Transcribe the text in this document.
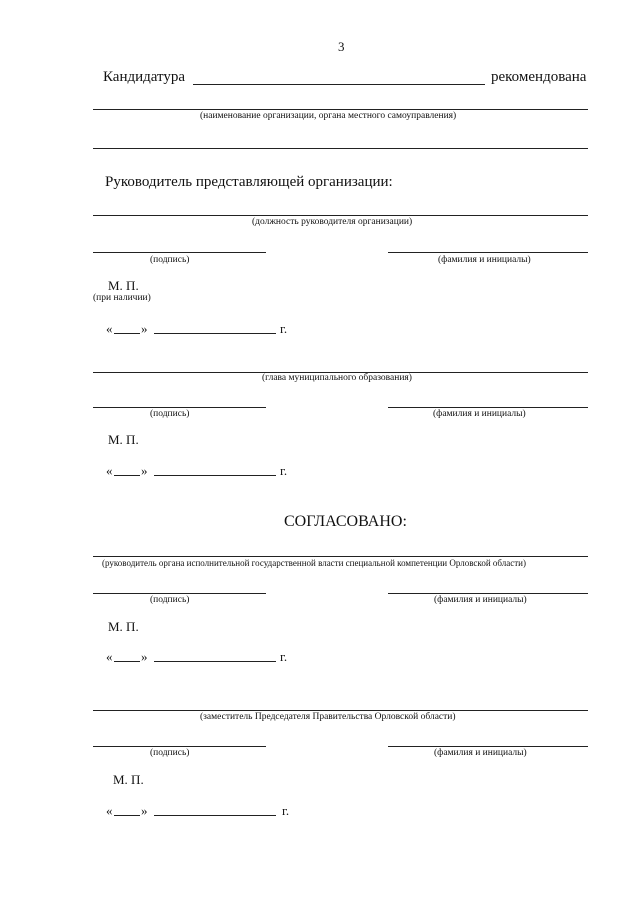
3
Кандидатура	рекомендована
(наименование организации, органа местного самоуправления)
Руководитель представляющей организации:
(должность руководителя организации)
(подпись)	(фамилия и инициалы)
М. П.
(при наличии)
« »	г.
(глава муниципального образования)
(подпись)	(фамилия и инициалы)
М. П.
« »	г.
СОГЛАСОВАНО:
(руководитель органа исполнительной государственной власти специальной компетенции Орловской области)
(подпись)	(фамилия и инициалы)
М. П.
« »	г.
(заместитель Председателя Правительства Орловской области)
(подпись)	(фамилия и инициалы)
М. П.
« »	г.
